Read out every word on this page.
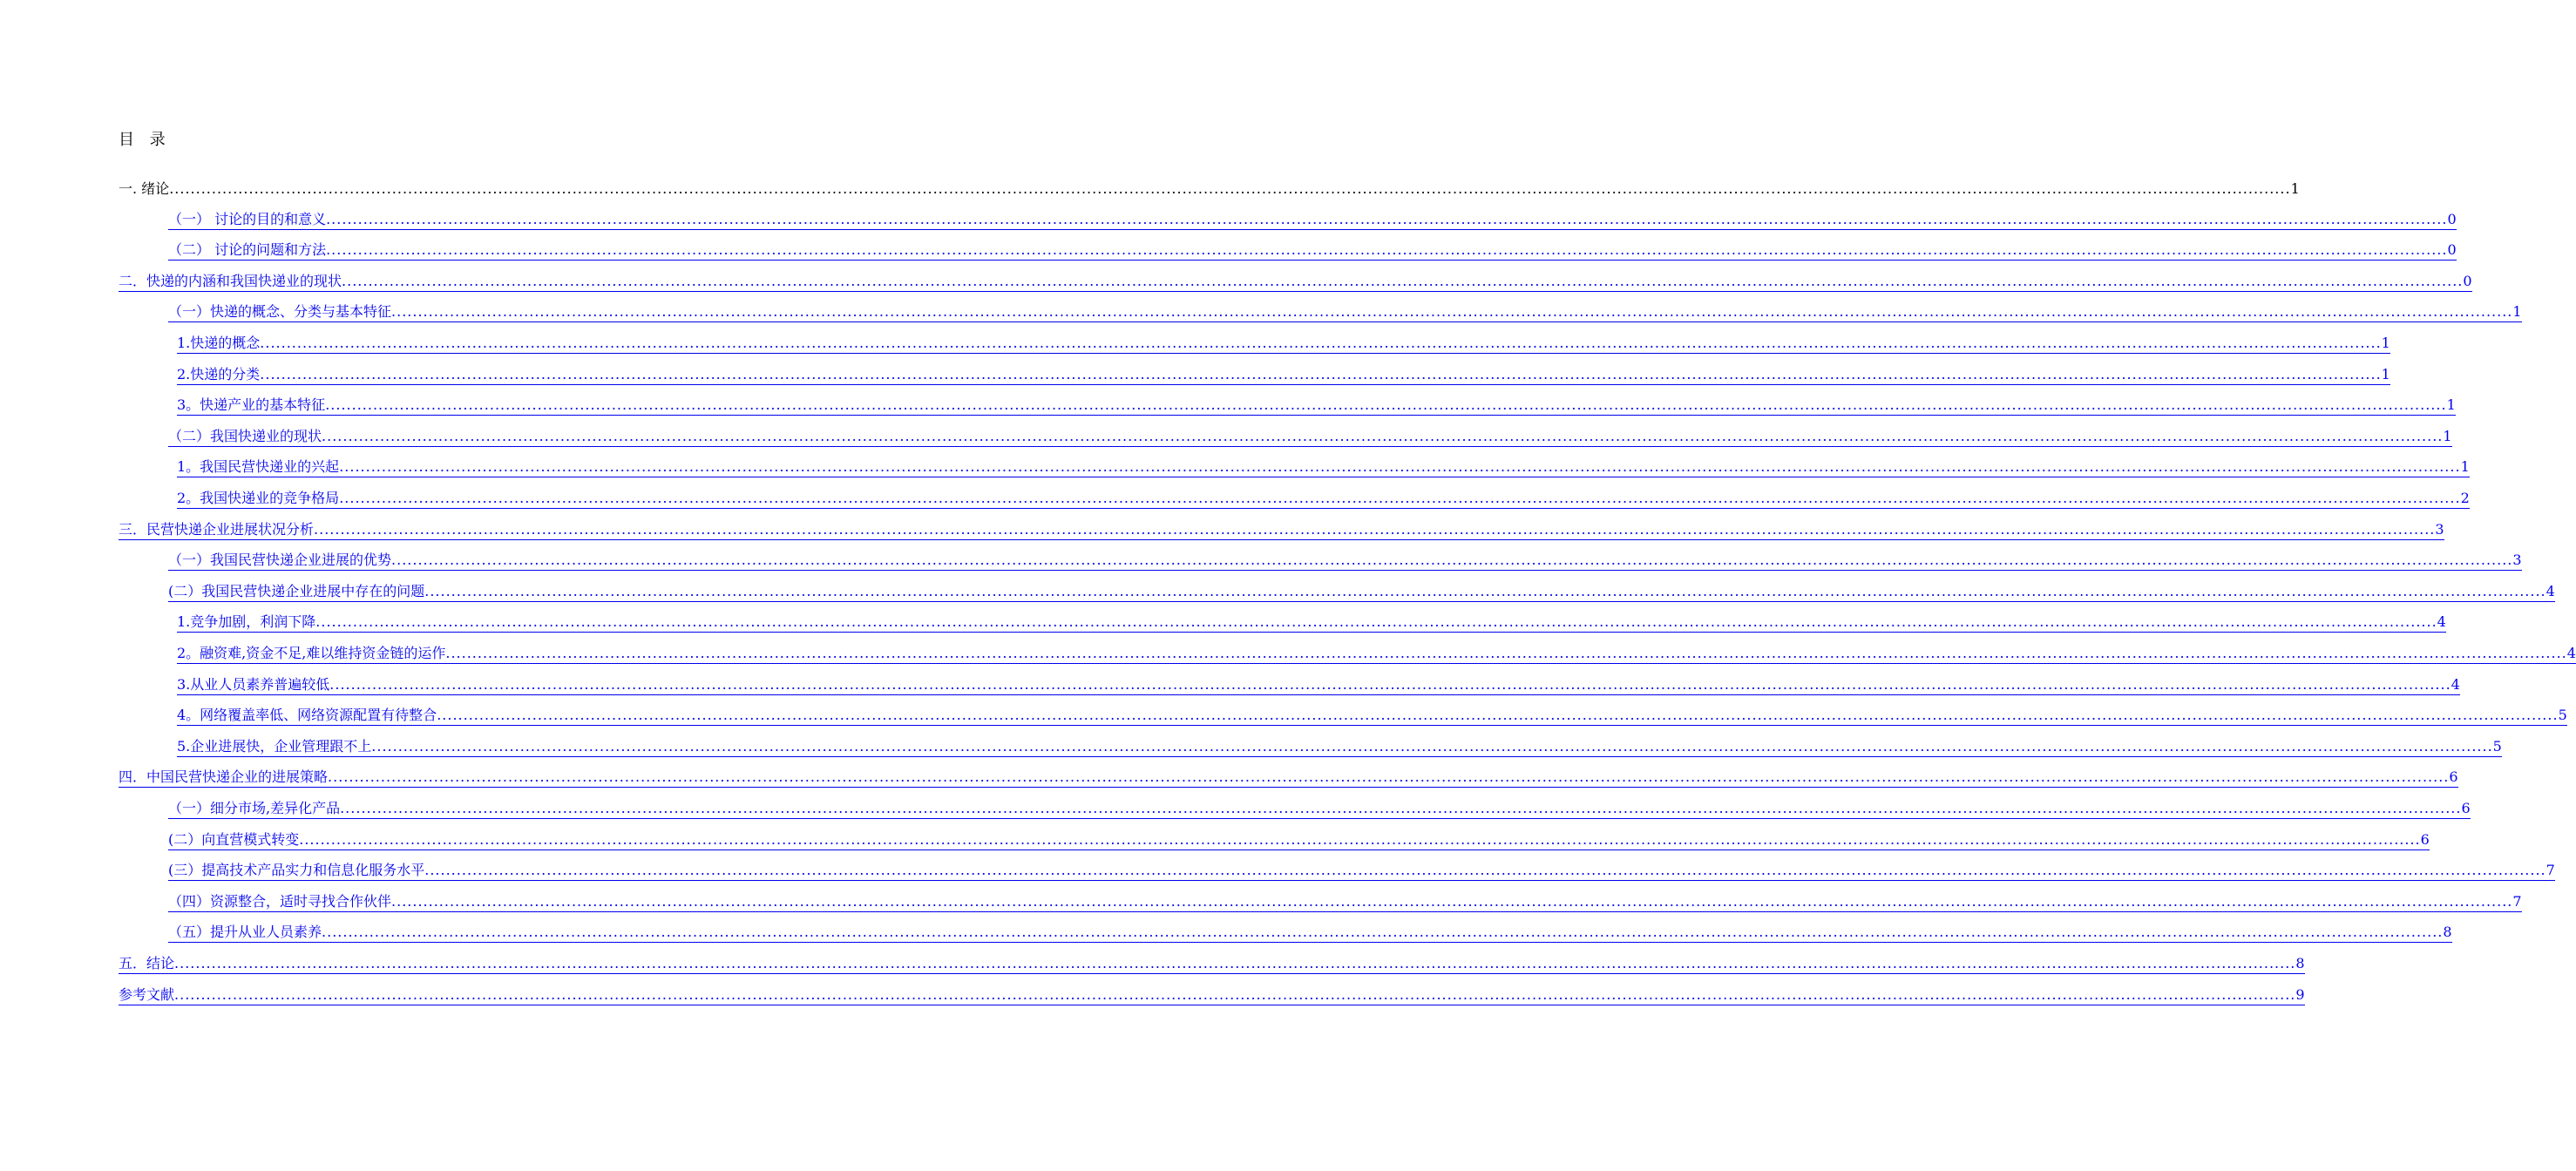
目 录
一. 绪论 ................................................................................................................................................................................................................................................................................................................................................................................................................ 1
（一） 讨论的目的和意义 ................................................................................................................................................................................................................................................................................................................................................................................................................ 0
（二） 讨论的问题和方法 ................................................................................................................................................................................................................................................................................................................................................................................................................ 0
二．快递的内涵和我国快递业的现状 ................................................................................................................................................................................................................................................................................................................................................................................................................ 0
（一）快递的概念、分类与基本特征 ................................................................................................................................................................................................................................................................................................................................................................................................................ 1
1.快递的概念 ................................................................................................................................................................................................................................................................................................................................................................................................................ 1
2.快递的分类 ................................................................................................................................................................................................................................................................................................................................................................................................................ 1
3。快递产业的基本特征 ................................................................................................................................................................................................................................................................................................................................................................................................................ 1
（二）我国快递业的现状 ................................................................................................................................................................................................................................................................................................................................................................................................................ 1
1。我国民营快递业的兴起 ................................................................................................................................................................................................................................................................................................................................................................................................................ 1
2。我国快递业的竞争格局 ................................................................................................................................................................................................................................................................................................................................................................................................................ 2
三．民营快递企业进展状况分析 ................................................................................................................................................................................................................................................................................................................................................................................................................ 3
（一）我国民营快递企业进展的优势 ................................................................................................................................................................................................................................................................................................................................................................................................................ 3
(二）我国民营快递企业进展中存在的问题 ................................................................................................................................................................................................................................................................................................................................................................................................................ 4
1.竞争加剧，利润下降 ................................................................................................................................................................................................................................................................................................................................................................................................................ 4
2。融资难,资金不足,难以维持资金链的运作 ................................................................................................................................................................................................................................................................................................................................................................................................................ 4
3.从业人员素养普遍较低 ................................................................................................................................................................................................................................................................................................................................................................................................................ 4
4。网络覆盖率低、网络资源配置有待整合 ................................................................................................................................................................................................................................................................................................................................................................................................................ 5
5.企业进展快，企业管理跟不上 ................................................................................................................................................................................................................................................................................................................................................................................................................ 5
四．中国民营快递企业的进展策略 ................................................................................................................................................................................................................................................................................................................................................................................................................ 6
（一）细分市场,差异化产品 ................................................................................................................................................................................................................................................................................................................................................................................................................ 6
(二）向直营模式转变 ................................................................................................................................................................................................................................................................................................................................................................................................................ 6
(三）提高技术产品实力和信息化服务水平 ................................................................................................................................................................................................................................................................................................................................................................................................................ 7
（四）资源整合，适时寻找合作伙伴 ................................................................................................................................................................................................................................................................................................................................................................................................................ 7
（五）提升从业人员素养 ................................................................................................................................................................................................................................................................................................................................................................................................................ 8
五．结论 ................................................................................................................................................................................................................................................................................................................................................................................................................ 8
参考文献 ................................................................................................................................................................................................................................................................................................................................................................................................................ 9
